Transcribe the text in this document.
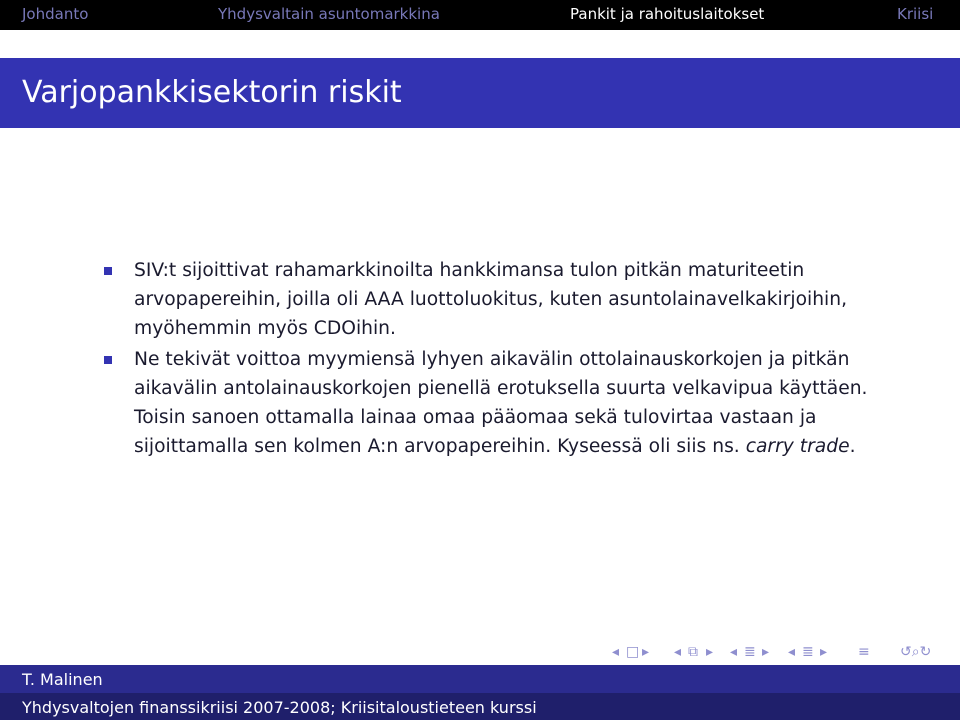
Johdanto	Yhdysvaltain asuntomarkkina	Pankit ja rahoituslaitokset	Kriisi
Varjopankkisektorin riskit
SIV:t sijoittivat rahamarkkinoilta hankkimansa tulon pitkän maturiteetin arvopapereihin, joilla oli AAA luottoluokitus, kuten asuntolainavelkakirjoihin, myöhemmin myös CDOihin.
Ne tekivät voittoa myymiensä lyhyen aikavälin ottolainauskorkojen ja pitkän aikavälin antolainauskorkojen pienellä erotuksella suurta velkavipua käyttäen. Toisin sanoen ottamalla lainaa omaa pääomaa sekä tulovirtaa vastaan ja sijoittamalla sen kolmen A:n arvopapereihin. Kyseessä oli siis ns. carry trade.
◂ □ ▸ ◂ ⧉ ▸ ◂ ≣ ▸ ◂ ≣ ▸ ≡ ↺⌕↻
T. Malinen
Yhdysvaltojen finanssikriisi 2007-2008; Kriisitaloustieteen kurssi
